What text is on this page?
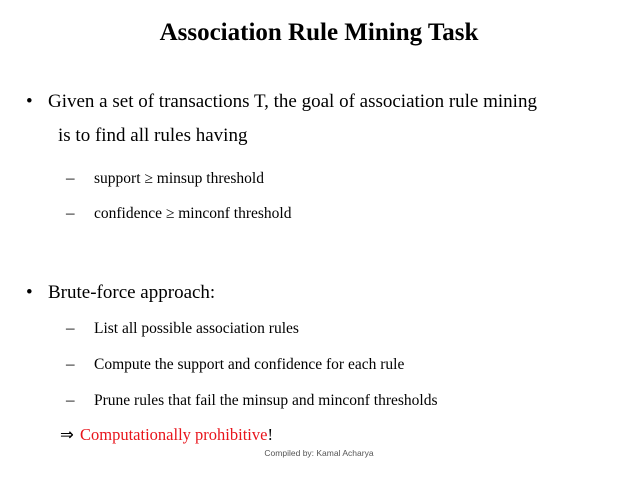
Association Rule Mining Task
• Given a set of transactions T, the goal of association rule mining
is to find all rules having
– support ≥ minsup threshold
– confidence ≥ minconf threshold
• Brute-force approach:
– List all possible association rules
– Compute the support and confidence for each rule
– Prune rules that fail the minsup and minconf thresholds
⇒ Computationally prohibitive!
Compiled by: Kamal Acharya
